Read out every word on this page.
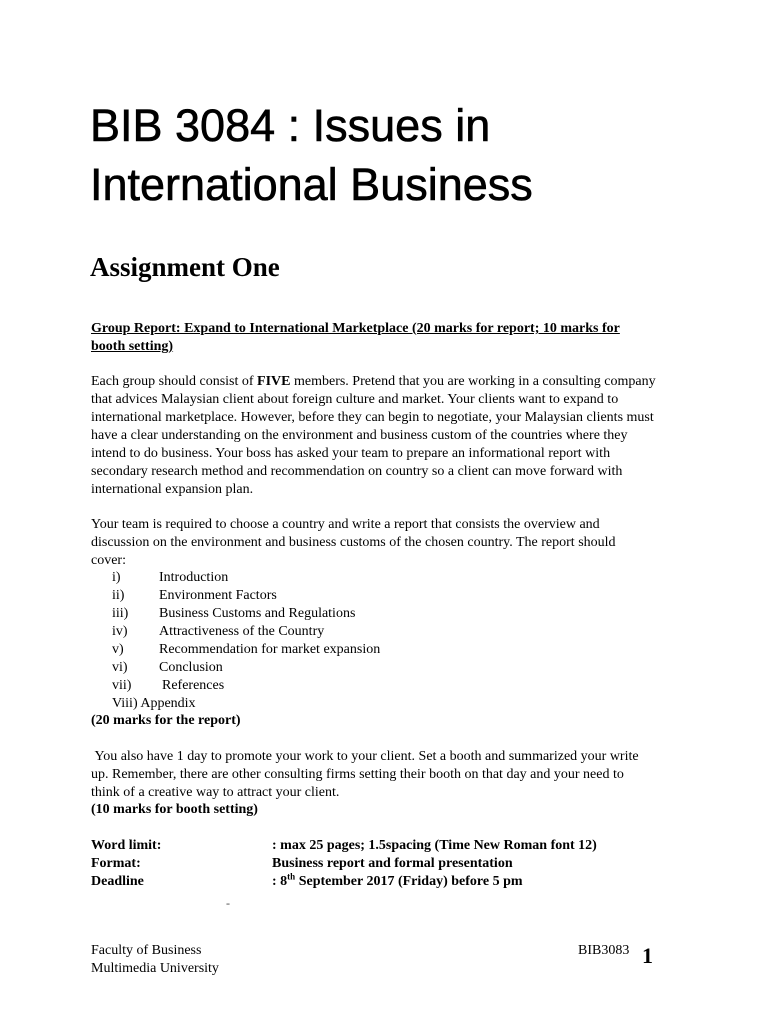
BIB 3084 : Issues in
International Business
Assignment One

Group Report: Expand to International Marketplace (20 marks for report; 10 marks for booth setting)

Each group should consist of FIVE members. Pretend that you are working in a consulting company that advices Malaysian client about foreign culture and market. Your clients want to expand to international marketplace. However, before they can begin to negotiate, your Malaysian clients must have a clear understanding on the environment and business custom of the countries where they intend to do business. Your boss has asked your team to prepare an informational report with secondary research method and recommendation on country so a client can move forward with international expansion plan.

Your team is required to choose a country and write a report that consists the overview and discussion on the environment and business customs of the chosen country. The report should cover:

i)	Introduction
ii) Environment Factors
iii) Business Customs and Regulations
iv) Attractiveness of the Country
v)	Recommendation for market expansion
vi) Conclusion
vii) References
Viii) Appendix

(20 marks for the report)

You also have 1 day to promote your work to your client. Set a booth and summarized your write up. Remember, there are other consulting firms setting their booth on that day and your need to think of a creative way to attract your client.

(10 marks for booth setting)

Word limit:	: max 25 pages; 1.5spacing (Time New Roman font 12)
Format:	Business report and formal presentation
Deadline	: 8th September 2017 (Friday) before 5 pm
-
Faculty of Business
Multimedia University
BIB3083 1
